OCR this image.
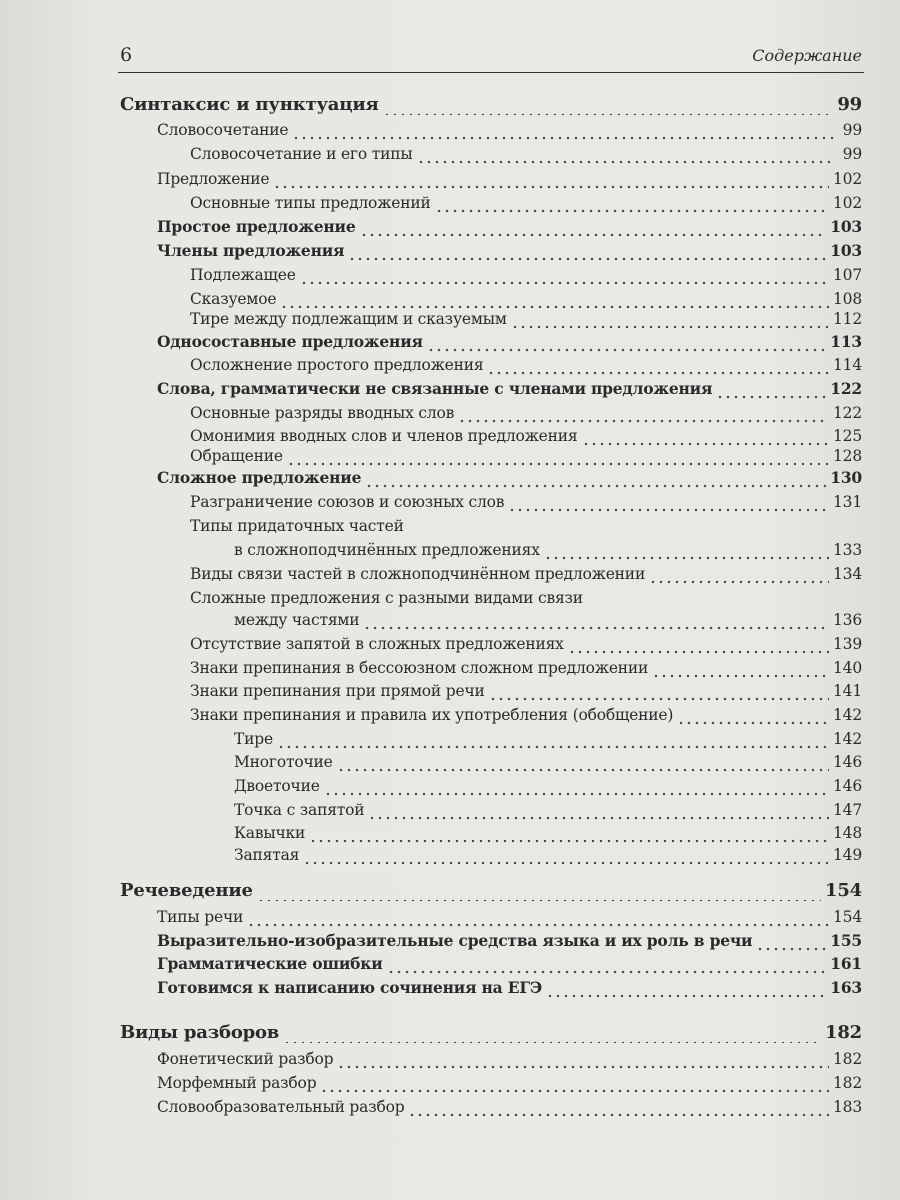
6	Содержание
Синтаксис и пунктуация	99
Словосочетание	99
Словосочетание и его типы	99
Предложение	102
Основные типы предложений	102
Простое предложение	103
Члены предложения	103
Подлежащее	107
Сказуемое	108
Тире между подлежащим и сказуемым	112
Односоставные предложения	113
Осложнение простого предложения	114
Слова, грамматически не связанные с членами предложения	122
Основные разряды вводных слов	122
Омонимия вводных слов и членов предложения	125
Обращение	128
Сложное предложение	130
Разграничение союзов и союзных слов	131
Типы придаточных частей
в сложноподчинённых предложениях	133
Виды связи частей в сложноподчинённом предложении	134
Сложные предложения с разными видами связи
между частями	136
Отсутствие запятой в сложных предложениях	139
Знаки препинания в бессоюзном сложном предложении	140
Знаки препинания при прямой речи	141
Знаки препинания и правила их употребления (обобщение)	142
Тире	142
Многоточие	146
Двоеточие	146
Точка с запятой	147
Кавычки	148
Запятая	149
Речеведение	154
Типы речи	154
Выразительно-изобразительные средства языка и их роль в речи	155
Грамматические ошибки	161
Готовимся к написанию сочинения на ЕГЭ	163
Виды разборов	182
Фонетический разбор	182
Морфемный разбор	182
Словообразовательный разбор	183
